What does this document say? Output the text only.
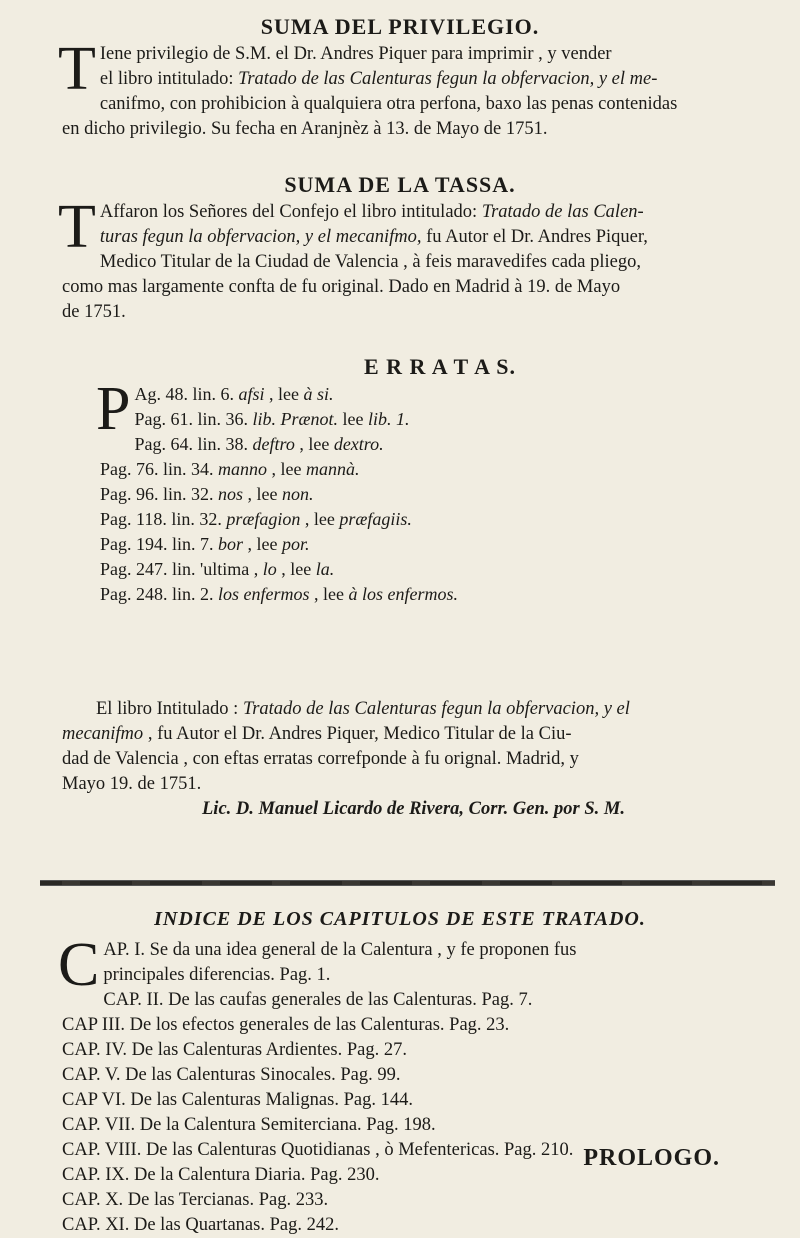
SUMA DEL PRIVILEGIO.
T Iene privilegio de S.M. el Dr. Andres Piquer para imprimir , y vender
el libro intitulado: Tratado de las Calenturas fegun la obfervacion, y el me-
canifmo, con prohibicion à qualquiera otra perfona, baxo las penas contenidas
en dicho privilegio. Su fecha en Aranjnèz à 13. de Mayo de 1751.
SUMA DE LA TASSA.
T Affaron los Señores del Confejo el libro intitulado: Tratado de las Calen-
turas fegun la obfervacion, y el mecanifmo, fu Autor el Dr. Andres Piquer,
Medico Titular de la Ciudad de Valencia , à feis maravedifes cada pliego,
como mas largamente confta de fu original. Dado en Madrid à 19. de Mayo
de 1751.
E R R A T A S.
P Ag. 48. lin. 6. afsi , lee à si.
Pag. 61. lin. 36. lib. Prænot. lee lib. 1.
Pag. 64. lin. 38. deftro , lee dextro.
Pag. 76. lin. 34. manno , lee mannà.
Pag. 96. lin. 32. nos , lee non.
Pag. 118. lin. 32. præfagion , lee præfagiis.
Pag. 194. lin. 7. bor , lee por.
Pag. 247. lin. 'ultima , lo , lee la.
Pag. 248. lin. 2. los enfermos , lee à los enfermos.
El libro Intitulado : Tratado de las Calenturas fegun la obfervacion, y el
mecanifmo , fu Autor el Dr. Andres Piquer, Medico Titular de la Ciu-
dad de Valencia , con eftas erratas correfponde à fu orignal. Madrid, y
Mayo 19. de 1751.
Lic. D. Manuel Licardo de Rivera, Corr. Gen. por S. M.
INDICE DE LOS CAPITULOS DE ESTE TRATADO.
C AP. I. Se da una idea general de la Calentura , y fe proponen fus
principales diferencias. Pag. 1.
CAP. II. De las caufas generales de las Calenturas. Pag. 7.
CAP III. De los efectos generales de las Calenturas. Pag. 23.
CAP. IV. De las Calenturas Ardientes. Pag. 27.
CAP. V. De las Calenturas Sinocales. Pag. 99.
CAP VI. De las Calenturas Malignas. Pag. 144.
CAP. VII. De la Calentura Semiterciana. Pag. 198.
CAP. VIII. De las Calenturas Quotidianas , ò Mefentericas. Pag. 210.
CAP. IX. De la Calentura Diaria. Pag. 230.
CAP. X. De las Tercianas. Pag. 233.
CAP. XI. De las Quartanas. Pag. 242.
PROLOGO.
